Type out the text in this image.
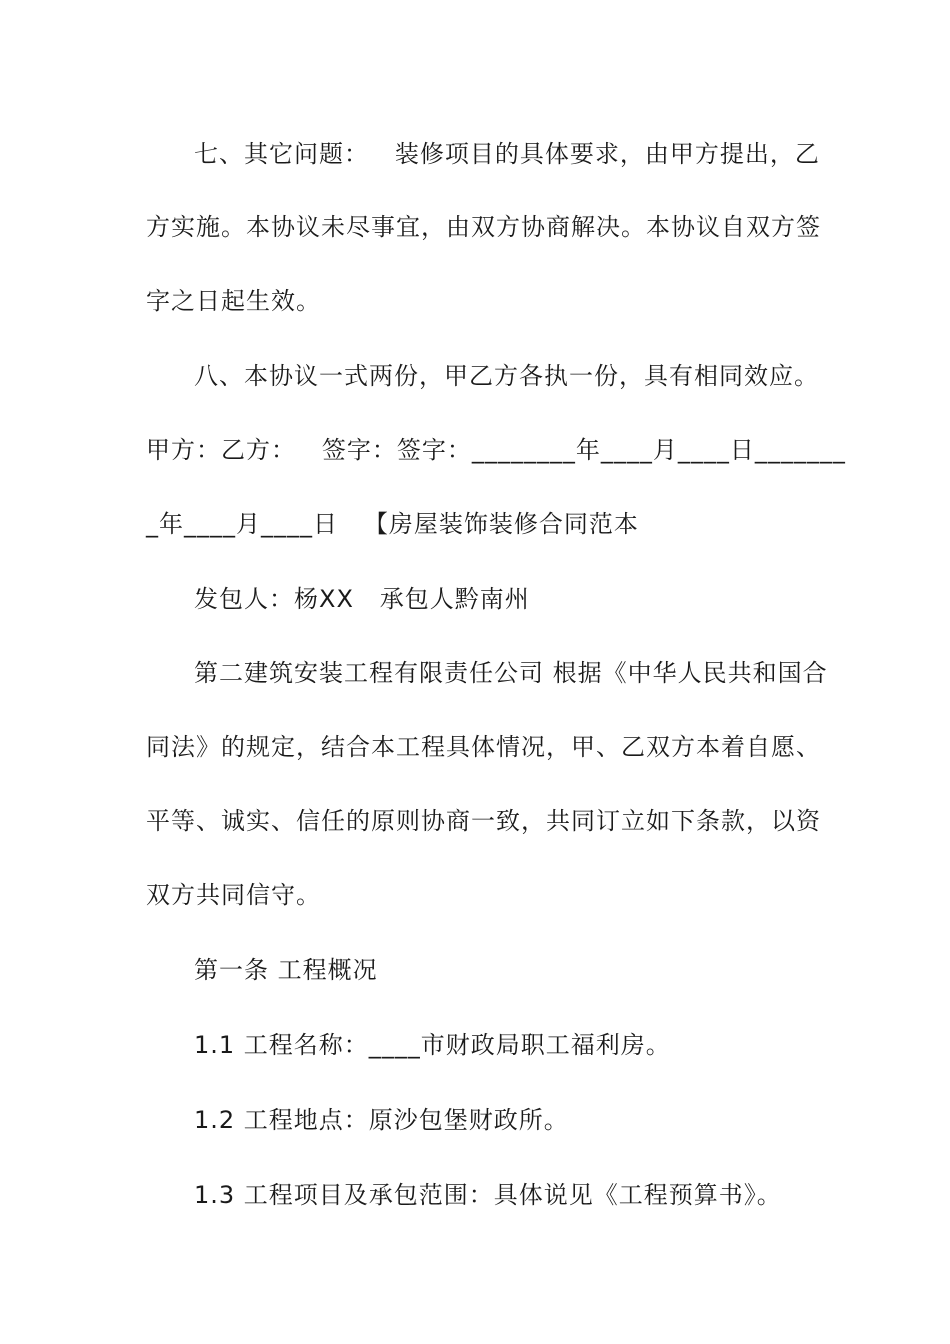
七、其它问题：   装修项目的具体要求，由甲方提出，乙
方实施。本协议未尽事宜，由双方协商解决。本协议自双方签
字之日起生效。
八、本协议一式两份，甲乙方各执一份，具有相同效应。
甲方：乙方：   签字：签字：________年____月____日_______
_年____月____日   【房屋装饰装修合同范本
发包人：杨XX   承包人黔南州
第二建筑安装工程有限责任公司 根据《中华人民共和国合
同法》的规定，结合本工程具体情况，甲、乙双方本着自愿、
平等、诚实、信任的原则协商一致，共同订立如下条款，以资
双方共同信守。
第一条 工程概况
1.1 工程名称：____市财政局职工福利房。
1.2 工程地点：原沙包堡财政所。
1.3 工程项目及承包范围：具体说见《工程预算书》。
